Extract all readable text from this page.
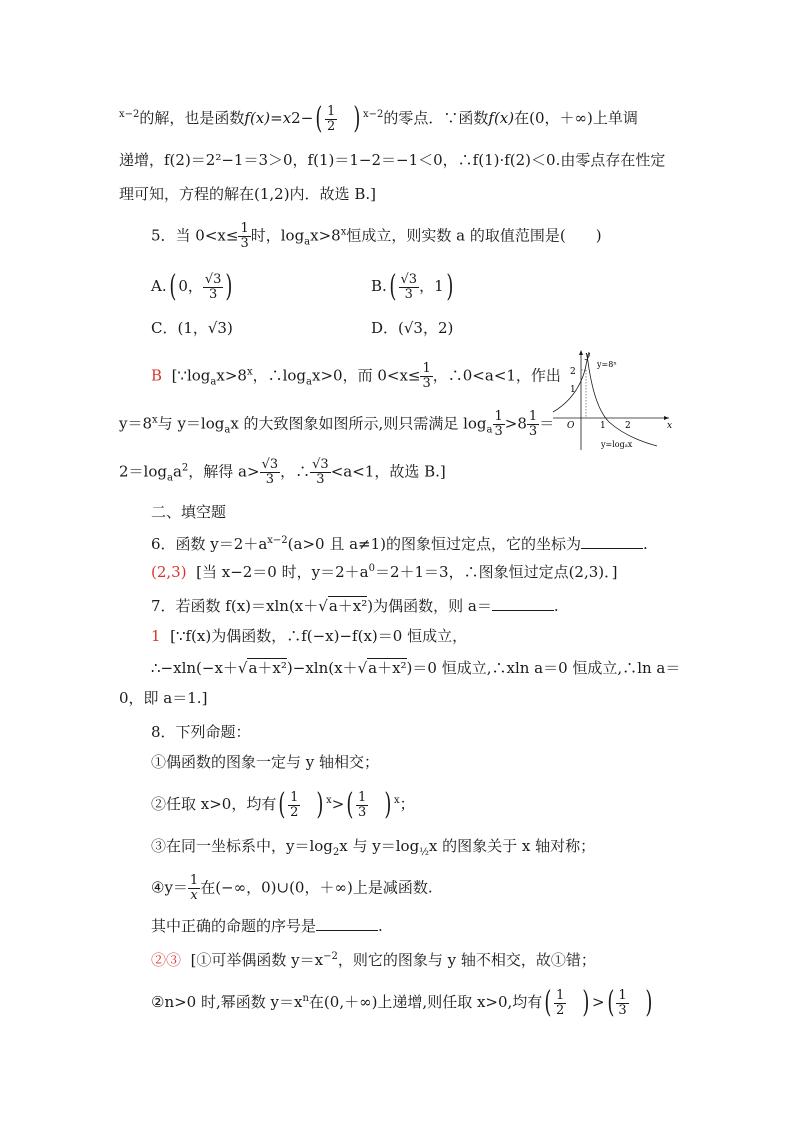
$^{x-2}$的解，也是函数$f(x)=x2-( \frac{1}{2}$ ) $^{x-2}$的零点．∵函数f(x)在(0，＋∞)上单调
递增，f(2)＝2²−1＝3＞0，f(1)＝1−2＝−1＜0，∴f(1)·f(2)＜0.由零点存在性定
理可知，方程的解在(1,2)内．故选 B.]
5．当 $0<x\le \frac{1}{3}$ 时，$\log_ax>8^x$恒成立，则实数 a 的取值范围是(　　)
A.( 0， $\frac{√3}{3}$ )	$B.( \frac{√3}{3}$ ，1)
C．(1，√3)	D．(√3，2)
B [$\because\log_ax>8^x$，$\therefore\log_ax>0$，而 $0<x\le \frac{1}{3}$ ，∴0<a<1，作出
$y=8^x$与 $y=\log_ax$ 的大致图象如图所示,则只需满足 $\log_a \frac{1}{3} >8 \frac{1}{3}$ ＝
$2=\log_aa^2$，解得 $a> \frac{√3}{3}$ ，∴ $\frac{√3}{3} <a<1$，故选 B.]
y
x
O	1 2
1
2
y=8ˣ
y=logₐx
二、填空题
6．函数 $y=2+a^{x-2}(a>0$ 且 a≠1)的图象恒过定点，它的坐标为	.
(2,3) [当 x−2＝0 时，$y=2+a^0=2+1=3$，∴图象恒过定点(2,3)．]
7．若函数 f(x)＝xln(x＋√a＋x²)为偶函数，则 a＝	.
1 [∵f(x)为偶函数，∴f(−x)−f(x)＝0 恒成立，
∴−xln(−x＋√a＋x²)−xln(x＋√a＋x²)＝0 恒成立,∴xln a＝0 恒成立,∴ln a＝
0，即 a＝1.]
8．下列命题：
①偶函数的图象一定与 y 轴相交；
②任取 x>0，均有( $\frac{1}{2}$ ) $^x>( \frac{1}{3}$ ) $^x$；
③在同一坐标系中，$y=\log_2x$ 与 $y=\log_{\frac{1}{2}}x$ 的图象关于 x 轴对称；
④y＝ $\frac{1}{x}$ 在(−∞，0)∪(0，＋∞)上是减函数.
其中正确的命题的序号是	.
②③ [①可举偶函数 $y=x^{-2}$，则它的图象与 y 轴不相交，故①错；
②n>0 时,幂函数 $y=x^n$在(0,＋∞)上递增,则任取 x>0,均有( $\frac{1}{2}$ ) >( $\frac{1}{3}$ )
